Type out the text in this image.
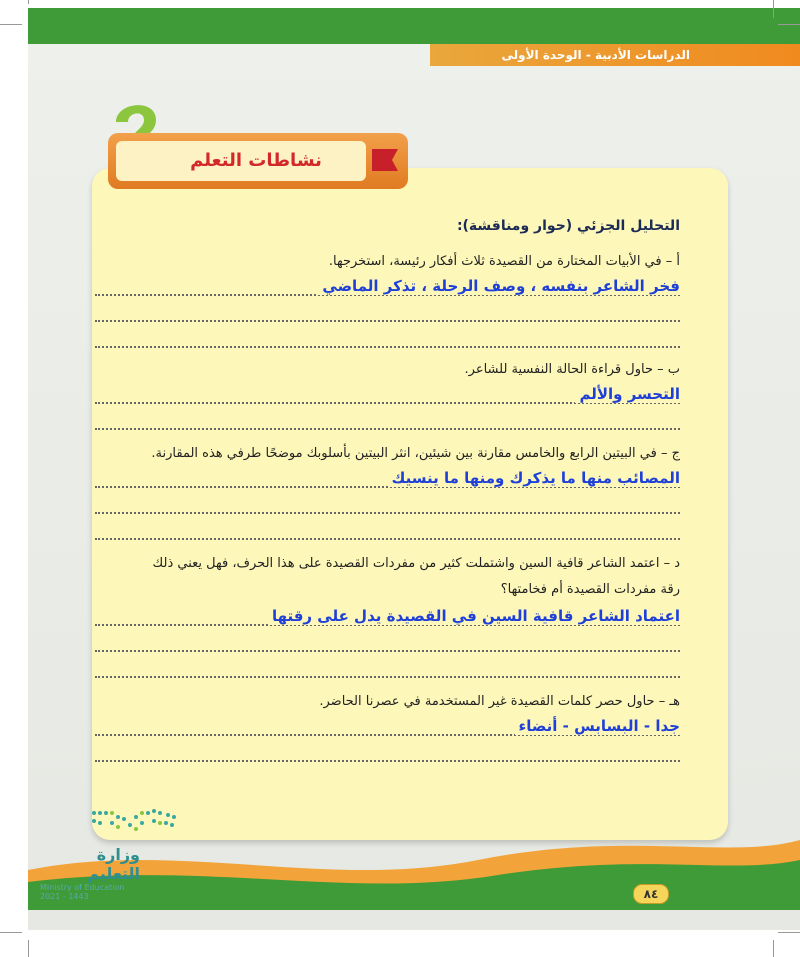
الدراسات الأدبية - الوحدة الأولى
نشاطات التعلم
التحليل الجزئي (حوار ومناقشة):
أ – في الأبيات المختارة من القصيدة ثلاث أفكار رئيسة، استخرجها.
فخر الشاعر بنفسه ، وصف الرحلة ، تذكر الماضي
ب – حاول قراءة الحالة النفسية للشاعر.
التحسر والألم
ج – في البيتين الرابع والخامس مقارنة بين شيئين، انثر البيتين بأسلوبك موضحًا طرفي هذه المقارنة.
المصائب منها ما يذكرك ومنها ما ينسيك
د – اعتمد الشاعر قافية السين واشتملت كثير من مفردات القصيدة على هذا الحرف، فهل يعني ذلك
رقة مفردات القصيدة أم فخامتها؟
اعتماد الشاعر قافية السين في القصيدة يدل على رقتها
هـ – حاول حصر كلمات القصيدة غير المستخدمة في عصرنا الحاضر.
جدا - البسابس - أنضاء
٨٤
وزارة التعليم
Ministry of Education
2021 - 1443
